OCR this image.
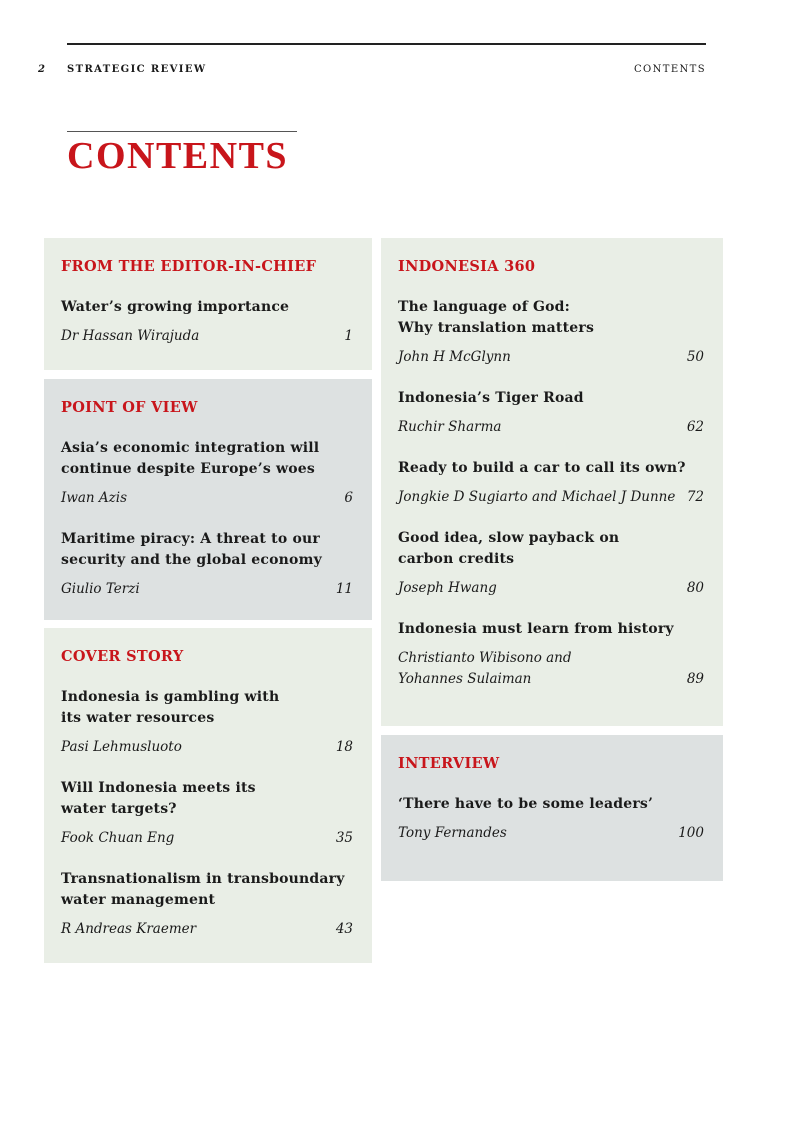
2 STRATEGIC REVIEW	CONTENTS
CONTENTS
FROM THE EDITOR-IN-CHIEF
Water’s growing importance
Dr Hassan Wirajuda	1
POINT OF VIEW
Asia’s economic integration will
continue despite Europe’s woes
Iwan Azis	6
Maritime piracy: A threat to our
security and the global economy
Giulio Terzi	11
COVER STORY
Indonesia is gambling with
its water resources
Pasi Lehmusluoto	18
Will Indonesia meets its
water targets?
Fook Chuan Eng	35
Transnationalism in transboundary
water management
R Andreas Kraemer	43
INDONESIA 360
The language of God:
Why translation matters
John H McGlynn	50
Indonesia’s Tiger Road
Ruchir Sharma	62
Ready to build a car to call its own?
Jongkie D Sugiarto and Michael J Dunne 72
Good idea, slow payback on
carbon credits
Joseph Hwang	80
Indonesia must learn from history
Christianto Wibisono and
Yohannes Sulaiman	89
INTERVIEW
‘There have to be some leaders’
Tony Fernandes	100
